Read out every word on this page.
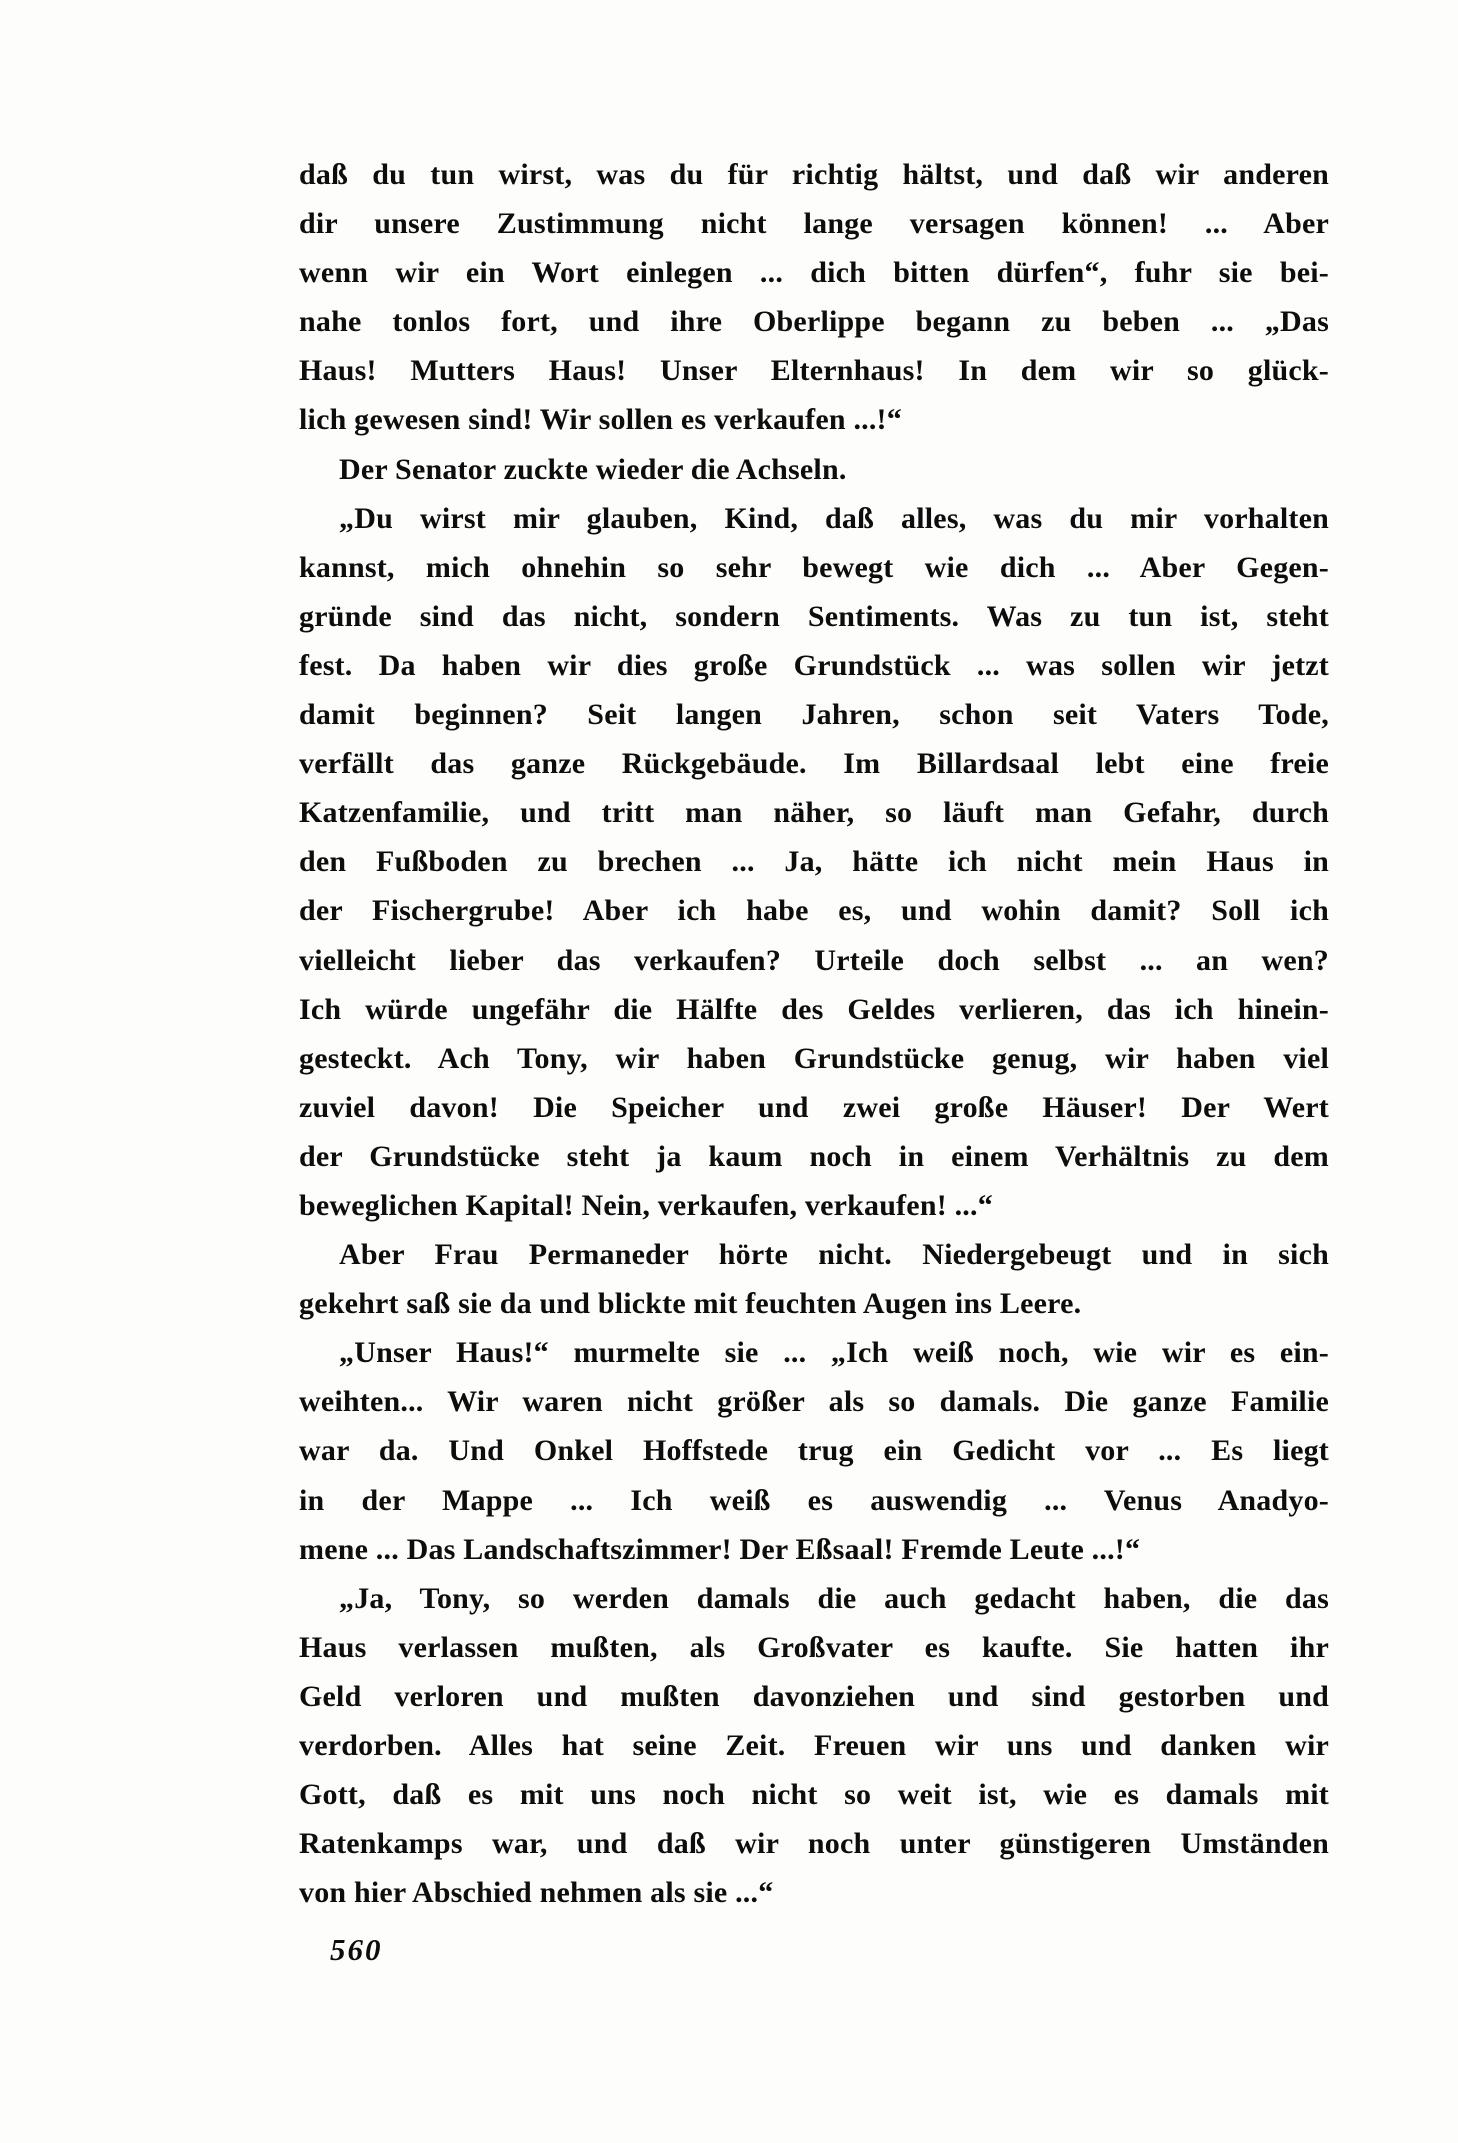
daß du tun wirst, was du für richtig hältst, und daß wir anderen
dir unsere Zustimmung nicht lange versagen können! ... Aber
wenn wir ein Wort einlegen ... dich bitten dürfen“, fuhr sie bei-
nahe tonlos fort, und ihre Oberlippe begann zu beben ... „Das
Haus! Mutters Haus! Unser Elternhaus! In dem wir so glück-
lich gewesen sind! Wir sollen es verkaufen ...!“

Der Senator zuckte wieder die Achseln.

„Du wirst mir glauben, Kind, daß alles, was du mir vorhalten
kannst, mich ohnehin so sehr bewegt wie dich ... Aber Gegen-
gründe sind das nicht, sondern Sentiments. Was zu tun ist, steht
fest. Da haben wir dies große Grundstück ... was sollen wir jetzt
damit beginnen? Seit langen Jahren, schon seit Vaters Tode,
verfällt das ganze Rückgebäude. Im Billardsaal lebt eine freie
Katzenfamilie, und tritt man näher, so läuft man Gefahr, durch
den Fußboden zu brechen ... Ja, hätte ich nicht mein Haus in
der Fischergrube! Aber ich habe es, und wohin damit? Soll ich
vielleicht lieber das verkaufen? Urteile doch selbst ... an wen?
Ich würde ungefähr die Hälfte des Geldes verlieren, das ich hinein-
gesteckt. Ach Tony, wir haben Grundstücke genug, wir haben viel
zuviel davon! Die Speicher und zwei große Häuser! Der Wert
der Grundstücke steht ja kaum noch in einem Verhältnis zu dem
beweglichen Kapital! Nein, verkaufen, verkaufen! ...“

Aber Frau Permaneder hörte nicht. Niedergebeugt und in sich
gekehrt saß sie da und blickte mit feuchten Augen ins Leere.

„Unser Haus!“ murmelte sie ... „Ich weiß noch, wie wir es ein-
weihten... Wir waren nicht größer als so damals. Die ganze Familie
war da. Und Onkel Hoffstede trug ein Gedicht vor ... Es liegt
in der Mappe ... Ich weiß es auswendig ... Venus Anadyo-
mene ... Das Landschaftszimmer! Der Eßsaal! Fremde Leute ...!“

„Ja, Tony, so werden damals die auch gedacht haben, die das
Haus verlassen mußten, als Großvater es kaufte. Sie hatten ihr
Geld verloren und mußten davonziehen und sind gestorben und
verdorben. Alles hat seine Zeit. Freuen wir uns und danken wir
Gott, daß es mit uns noch nicht so weit ist, wie es damals mit
Ratenkamps war, und daß wir noch unter günstigeren Umständen
von hier Abschied nehmen als sie ...“

560
